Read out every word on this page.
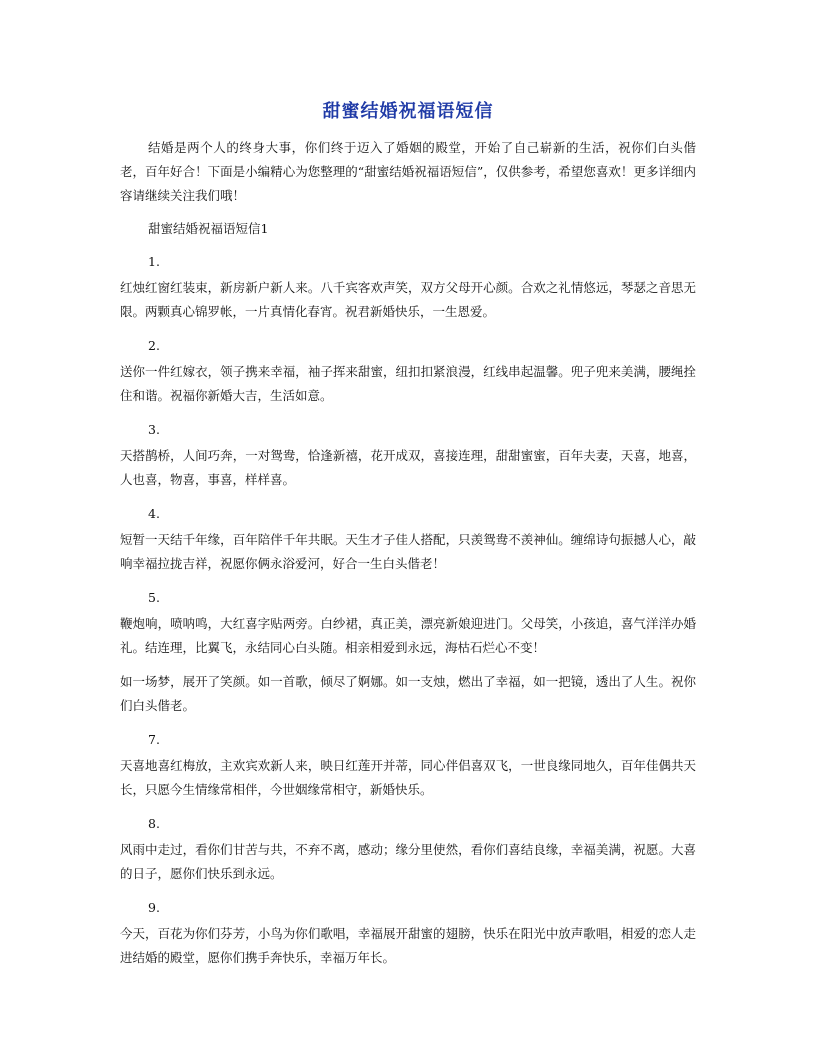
甜蜜结婚祝福语短信

结婚是两个人的终身大事，你们终于迈入了婚姻的殿堂，开始了自己崭新的生活，祝你们白头偕老，百年好合！下面是小编精心为您整理的“甜蜜结婚祝福语短信”，仅供参考，希望您喜欢！更多详细内容请继续关注我们哦！

甜蜜结婚祝福语短信1

1.

红烛红窗红装束，新房新户新人来。八千宾客欢声笑，双方父母开心颜。合欢之礼情悠远，琴瑟之音思无限。两颗真心锦罗帐，一片真情化春宵。祝君新婚快乐，一生恩爱。

2.

送你一件红嫁衣，领子携来幸福，袖子挥来甜蜜，纽扣扣紧浪漫，红线串起温馨。兜子兜来美满，腰绳拴住和谐。祝福你新婚大吉，生活如意。

3.

天搭鹊桥，人间巧奔，一对鸳鸯，恰逢新禧，花开成双，喜接连理，甜甜蜜蜜，百年夫妻，天喜，地喜，人也喜，物喜，事喜，样样喜。

4.

短暂一天结千年缘，百年陪伴千年共眠。天生才子佳人搭配，只羡鸳鸯不羡神仙。缠绵诗句振撼人心，敲响幸福拉拢吉祥，祝愿你俩永浴爱河，好合一生白头偕老！

5.

鞭炮响，喷呐鸣，大红喜字贴两旁。白纱裙，真正美，漂亮新娘迎进门。父母笑，小孩追，喜气洋洋办婚礼。结连理，比翼飞，永结同心白头随。相亲相爱到永远，海枯石烂心不变！

如一场梦，展开了笑颜。如一首歌，倾尽了婀娜。如一支烛，燃出了幸福，如一把镜，透出了人生。祝你们白头偕老。

7.

天喜地喜红梅放，主欢宾欢新人来，映日红莲开并蒂，同心伴侣喜双飞，一世良缘同地久，百年佳偶共天长，只愿今生情缘常相伴，今世姻缘常相守，新婚快乐。

8.

风雨中走过，看你们甘苦与共，不弃不离，感动；缘分里使然，看你们喜结良缘，幸福美满，祝愿。大喜的日子，愿你们快乐到永远。

9.

今天，百花为你们芬芳，小鸟为你们歌唱，幸福展开甜蜜的翅膀，快乐在阳光中放声歌唱，相爱的恋人走进结婚的殿堂，愿你们携手奔快乐，幸福万年长。
